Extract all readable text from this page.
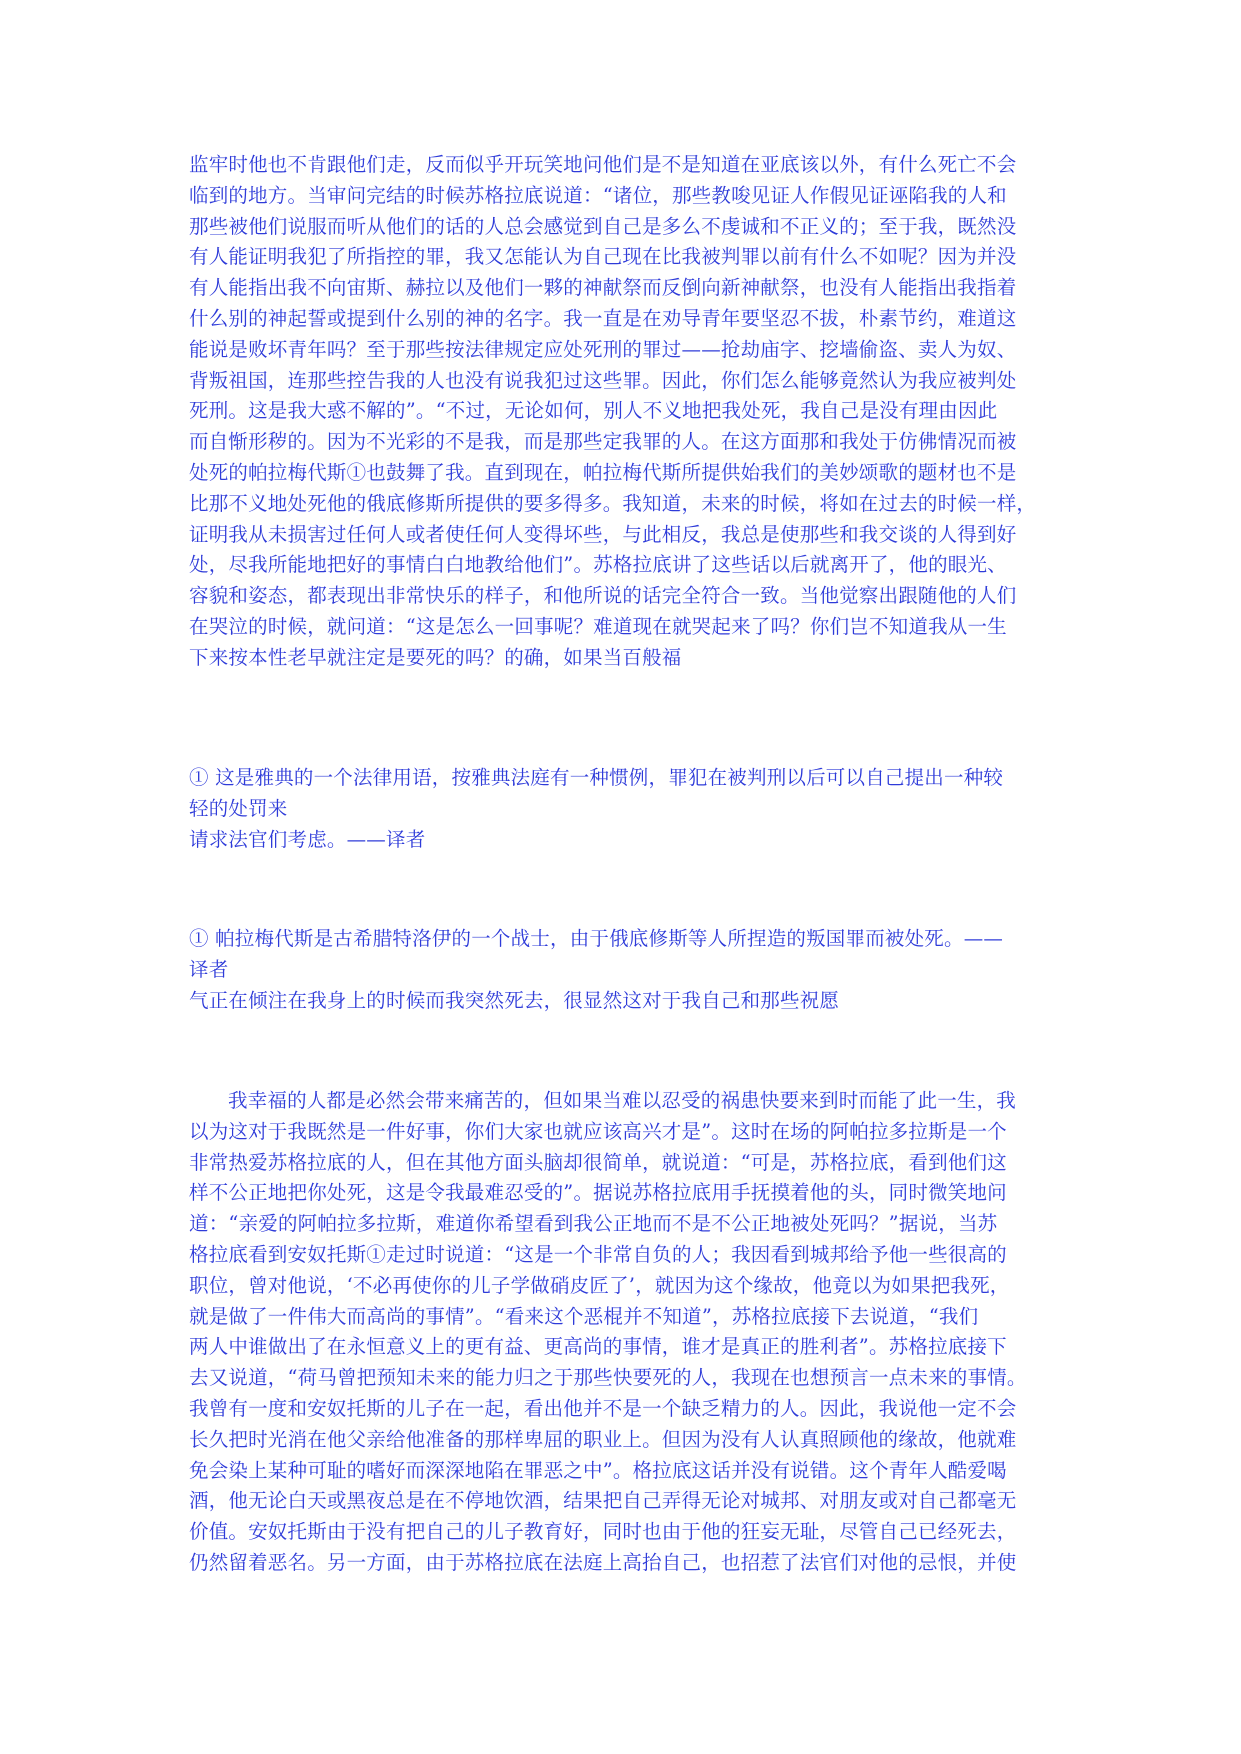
监牢时他也不肯跟他们走，反而似乎开玩笑地问他们是不是知道在亚底该以外，有什么死亡不会
临到的地方。当审问完结的时候苏格拉底说道：“诸位，那些教唆见证人作假见证诬陷我的人和
那些被他们说服而听从他们的话的人总会感觉到自己是多么不虔诚和不正义的；至于我，既然没
有人能证明我犯了所指控的罪，我又怎能认为自己现在比我被判罪以前有什么不如呢？因为并没
有人能指出我不向宙斯、赫拉以及他们一夥的神献祭而反倒向新神献祭，也没有人能指出我指着
什么别的神起誓或提到什么别的神的名字。我一直是在劝导青年要坚忍不拔，朴素节约，难道这
能说是败坏青年吗？至于那些按法律规定应处死刑的罪过——抢劫庙字、挖墙偷盗、卖人为奴、
背叛祖国，连那些控告我的人也没有说我犯过这些罪。因此，你们怎么能够竟然认为我应被判处
死刑。这是我大惑不解的”。“不过，无论如何，别人不义地把我处死，我自己是没有理由因此
而自惭形秽的。因为不光彩的不是我，而是那些定我罪的人。在这方面那和我处于仿佛情况而被
处死的帕拉梅代斯①也鼓舞了我。直到现在，帕拉梅代斯所提供始我们的美妙颂歌的题材也不是
比那不义地处死他的俄底修斯所提供的要多得多。我知道，未来的时候，将如在过去的时候一样，
证明我从未损害过任何人或者使任何人变得坏些，与此相反，我总是使那些和我交谈的人得到好
处，尽我所能地把好的事情白白地教给他们”。苏格拉底讲了这些话以后就离开了，他的眼光、
容貌和姿态，都表现出非常快乐的样子，和他所说的话完全符合一致。当他觉察出跟随他的人们
在哭泣的时候，就问道：“这是怎么一回事呢？难道现在就哭起来了吗？你们岂不知道我从一生
下来按本性老早就注定是要死的吗？的确，如果当百般福
① 这是雅典的一个法律用语，按雅典法庭有一种惯例，罪犯在被判刑以后可以自己提出一种较
轻的处罚来
请求法官们考虑。——译者
① 帕拉梅代斯是古希腊特洛伊的一个战士，由于俄底修斯等人所捏造的叛国罪而被处死。——
译者
气正在倾注在我身上的时候而我突然死去，很显然这对于我自己和那些祝愿
我幸福的人都是必然会带来痛苦的，但如果当难以忍受的祸患快要来到时而能了此一生，我
以为这对于我既然是一件好事，你们大家也就应该高兴才是”。这时在场的阿帕拉多拉斯是一个
非常热爱苏格拉底的人，但在其他方面头脑却很简单，就说道：“可是，苏格拉底，看到他们这
样不公正地把你处死，这是令我最难忍受的”。据说苏格拉底用手抚摸着他的头，同时微笑地问
道：“亲爱的阿帕拉多拉斯，难道你希望看到我公正地而不是不公正地被处死吗？”据说，当苏
格拉底看到安奴托斯①走过时说道：“这是一个非常自负的人；我因看到城邦给予他一些很高的
职位，曾对他说，‘不必再使你的儿子学做硝皮匠了’，就因为这个缘故，他竟以为如果把我死，
就是做了一件伟大而高尚的事情”。“看来这个恶棍并不知道”，苏格拉底接下去说道，“我们
两人中谁做出了在永恒意义上的更有益、更高尚的事情，谁才是真正的胜利者”。苏格拉底接下
去又说道，“荷马曾把预知未来的能力归之于那些快要死的人，我现在也想预言一点未来的事情。
我曾有一度和安奴托斯的儿子在一起，看出他并不是一个缺乏精力的人。因此，我说他一定不会
长久把时光消在他父亲给他准备的那样卑屈的职业上。但因为没有人认真照顾他的缘故，他就难
免会染上某种可耻的嗜好而深深地陷在罪恶之中”。格拉底这话并没有说错。这个青年人酷爱喝
酒，他无论白天或黑夜总是在不停地饮酒，结果把自己弄得无论对城邦、对朋友或对自己都毫无
价值。安奴托斯由于没有把自己的儿子教育好，同时也由于他的狂妄无耻，尽管自己已经死去，
仍然留着恶名。另一方面，由于苏格拉底在法庭上高抬自己，也招惹了法官们对他的忌恨，并使
